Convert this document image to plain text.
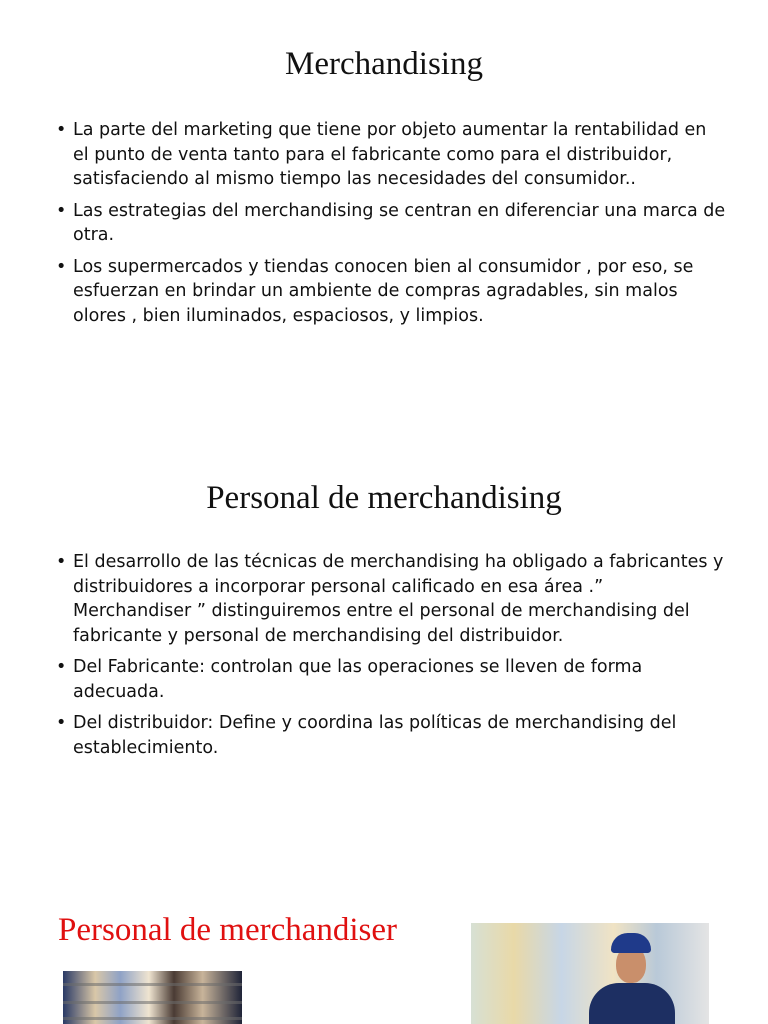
Merchandising
• La parte del marketing que tiene por objeto aumentar la rentabilidad en el punto de venta tanto para el fabricante como para el distribuidor, satisfaciendo al mismo tiempo las necesidades del consumidor..
• Las estrategias del merchandising se centran en diferenciar una marca de otra.
• Los supermercados y tiendas conocen bien al consumidor , por eso, se esfuerzan en brindar un ambiente de compras agradables, sin malos olores , bien iluminados, espaciosos, y limpios.
Personal de merchandising
• El desarrollo de las técnicas de merchandising ha obligado a fabricantes y distribuidores a incorporar personal calificado en esa área .” Merchandiser ” distinguiremos entre el personal de merchandising del fabricante y personal de merchandising del distribuidor.
• Del Fabricante: controlan que las operaciones se lleven de forma adecuada.
• Del distribuidor: Define y coordina las políticas de merchandising del establecimiento.
Personal de merchandiser
